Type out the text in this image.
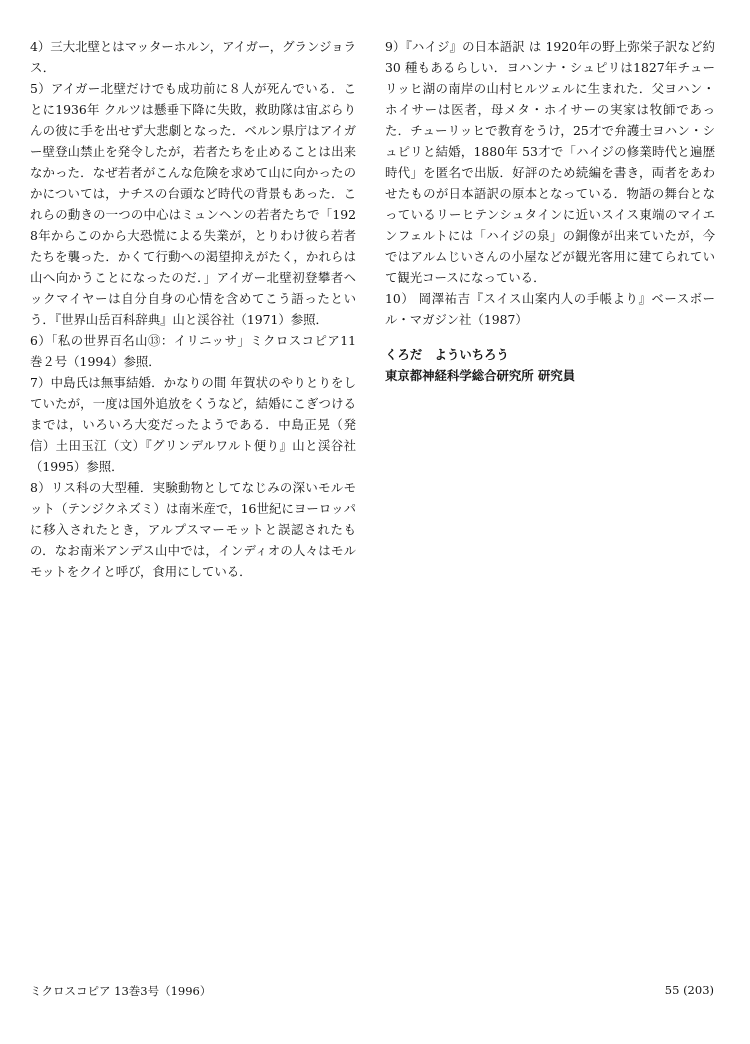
4）三大北壁とはマッターホルン，アイガー，グランジョラス．

5）アイガー北壁だけでも成功前に８人が死んでいる．ことに1936年 クルツは懸垂下降に失敗，救助隊は宙ぶらりんの彼に手を出せず大悲劇となった．ベルン県庁はアイガー壁登山禁止を発令したが，若者たちを止めることは出来なかった．なぜ若者がこんな危険を求めて山に向かったのかについては，ナチスの台頭など時代の背景もあった．これらの動きの一つの中心はミュンヘンの若者たちで「1928年からこのから大恐慌による失業が，とりわけ彼ら若者たちを襲った．かくて行動への渇望抑えがたく，かれらは山へ向かうことになったのだ．」アイガー北壁初登攀者ヘックマイヤーは自分自身の心情を含めてこう語ったという．『世界山岳百科辞典』山と渓谷社（1971）参照．

6）「私の世界百名山⑬：イリニッサ」ミクロスコピア11巻２号（1994）参照．

7）中島氏は無事結婚．かなりの間 年賀状のやりとりをしていたが，一度は国外追放をくうなど，結婚にこぎつけるまでは，いろいろ大変だったようである．中島正晃（発信）土田玉江（文）『グリンデルワルト便り』山と渓谷社（1995）参照．

8）リス科の大型種．実験動物としてなじみの深いモルモット（テンジクネズミ）は南米産で，16世紀にヨーロッパに移入されたとき，アルプスマーモットと誤認されたもの．なお南米アンデス山中では，インディオの人々はモルモットをクイと呼び，食用にしている．

9）『ハイジ』の日本語訳 は 1920年の野上弥栄子訳など約30 種もあるらしい．ヨハンナ・シュピリは1827年チューリッヒ湖の南岸の山村ヒルツェルに生まれた．父ヨハン・ホイサーは医者，母メタ・ホイサーの実家は牧師であった．チューリッヒで教育をうけ，25才で弁護士ヨハン・シュピリと結婚，1880年 53才で「ハイジの修業時代と遍歴時代」を匿名で出版．好評のため続編を書き，両者をあわせたものが日本語訳の原本となっている．物語の舞台となっているリーヒテンシュタインに近いスイス東端のマイエンフェルトには「ハイジの泉」の銅像が出来ていたが，今ではアルムじいさんの小屋などが観光客用に建てられていて観光コースになっている．

10） 岡澤祐吉『スイス山案内人の手帳より』ベースボール・マガジン社（1987）

くろだ　よういちろう
東京都神経科学総合研究所 研究員
ミクロスコピア 13巻3号（1996）	55 (203)
